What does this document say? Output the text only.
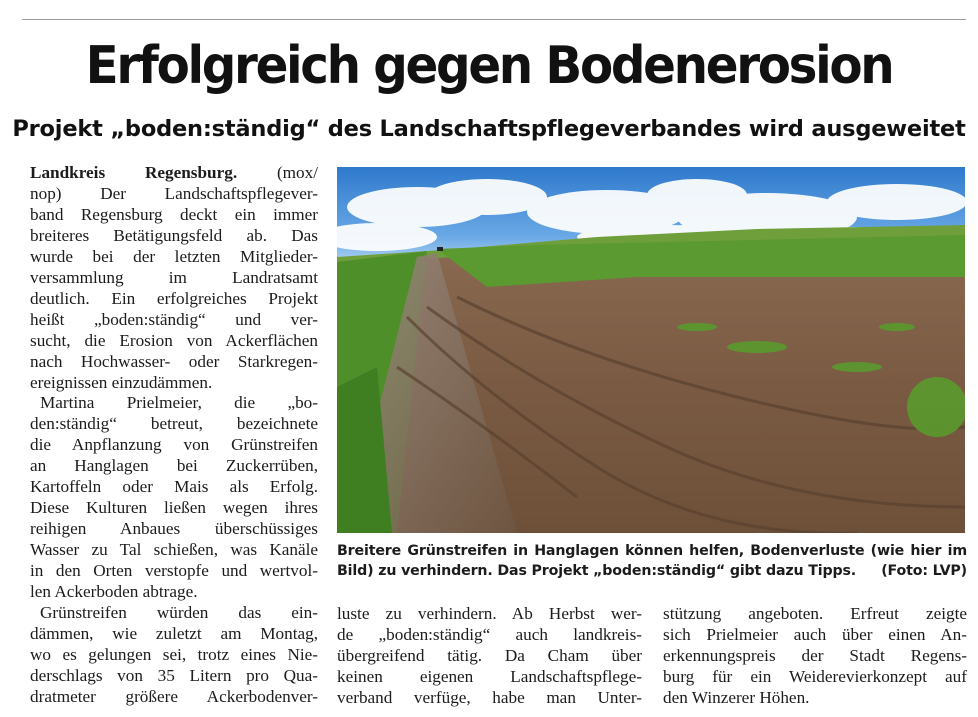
Erfolgreich gegen Bodenerosion
Projekt „boden:ständig“ des Landschaftspflegeverbandes wird ausgeweitet
Landkreis Regensburg. (mox/
nop) Der Landschaftspflegever-
band Regensburg deckt ein immer
breiteres Betätigungsfeld ab. Das
wurde bei der letzten Mitglieder-
versammlung im Landratsamt
deutlich. Ein erfolgreiches Projekt
heißt „boden:ständig“ und ver-
sucht, die Erosion von Ackerflächen
nach Hochwasser- oder Starkregen-
ereignissen einzudämmen.
Martina Prielmeier, die „bo-
den:ständig“ betreut, bezeichnete
die Anpflanzung von Grünstreifen
an Hanglagen bei Zuckerrüben,
Kartoffeln oder Mais als Erfolg.
Diese Kulturen ließen wegen ihres
reihigen Anbaues überschüssiges
Wasser zu Tal schießen, was Kanäle
in den Orten verstopfe und wertvol-
len Ackerboden abtrage.
Grünstreifen würden das ein-
dämmen, wie zuletzt am Montag,
wo es gelungen sei, trotz eines Nie-
derschlags von 35 Litern pro Qua-
dratmeter größere Ackerbodenver-
Breitere Grünstreifen in Hanglagen können helfen, Bodenverluste (wie hier im
Bild) zu verhindern. Das Projekt „boden:ständig“ gibt dazu Tipps. (Foto: LVP)
luste zu verhindern. Ab Herbst wer-
de „boden:ständig“ auch landkreis-
übergreifend tätig. Da Cham über
keinen eigenen Landschaftspflege-
verband verfüge, habe man Unter-
stützung angeboten. Erfreut zeigte
sich Prielmeier auch über einen An-
erkennungspreis der Stadt Regens-
burg für ein Weiderevierkonzept auf
den Winzerer Höhen.
